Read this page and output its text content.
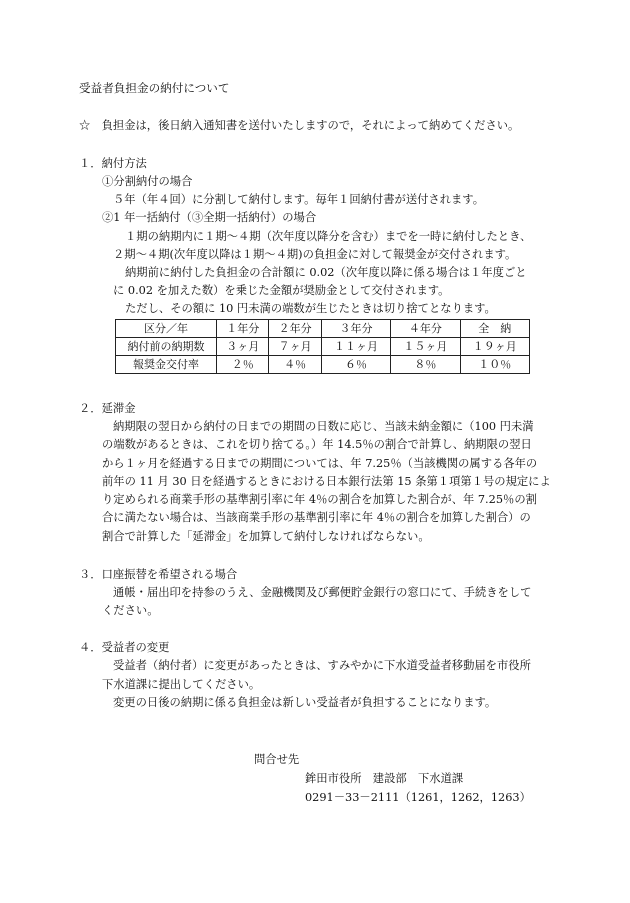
受益者負担金の納付について
☆　負担金は，後日納入通知書を送付いたしますので，それによって納めてください。
１．納付方法
①分割納付の場合
５年（年４回）に分割して納付します。毎年１回納付書が送付されます。
②1 年一括納付（③全期一括納付）の場合
１期の納期内に１期～４期（次年度以降分を含む）までを一時に納付したとき、
２期～４期(次年度以降は１期～４期)の負担金に対して報奨金が交付されます。
納期前に納付した負担金の合計額に 0.02（次年度以降に係る場合は１年度ごと
に 0.02 を加えた数）を乗じた金額が奨励金として交付されます。
ただし、その額に 10 円未満の端数が生じたときは切り捨てとなります。
区分／年	１年分	２年分	３年分	４年分	全　納
納付前の納期数	３ヶ月	７ヶ月	１１ヶ月	１５ヶ月	１９ヶ月
報奨金交付率	２％	４％	６％	８％	１０％
２．延滞金
納期限の翌日から納付の日までの期間の日数に応じ、当該未納金額に（100 円未満
の端数があるときは、これを切り捨てる。）年 14.5％の割合で計算し、納期限の翌日
から１ヶ月を経過する日までの期間については、年 7.25％（当該機関の属する各年の
前年の 11 月 30 日を経過するときにおける日本銀行法第 15 条第１項第１号の規定によ
り定められる商業手形の基準割引率に年 4％の割合を加算した割合が、年 7.25％の割
合に満たない場合は、当該商業手形の基準割引率に年 4％の割合を加算した割合）の
割合で計算した「延滞金」を加算して納付しなければならない。
３．口座振替を希望される場合
通帳・届出印を持参のうえ、金融機関及び郵便貯金銀行の窓口にて、手続きをして
ください。
４．受益者の変更
受益者（納付者）に変更があったときは、すみやかに下水道受益者移動届を市役所
下水道課に提出してください。
変更の日後の納期に係る負担金は新しい受益者が負担することになります。
問合せ先
鉾田市役所　建設部　下水道課
0291－33－2111（1261，1262，1263）
